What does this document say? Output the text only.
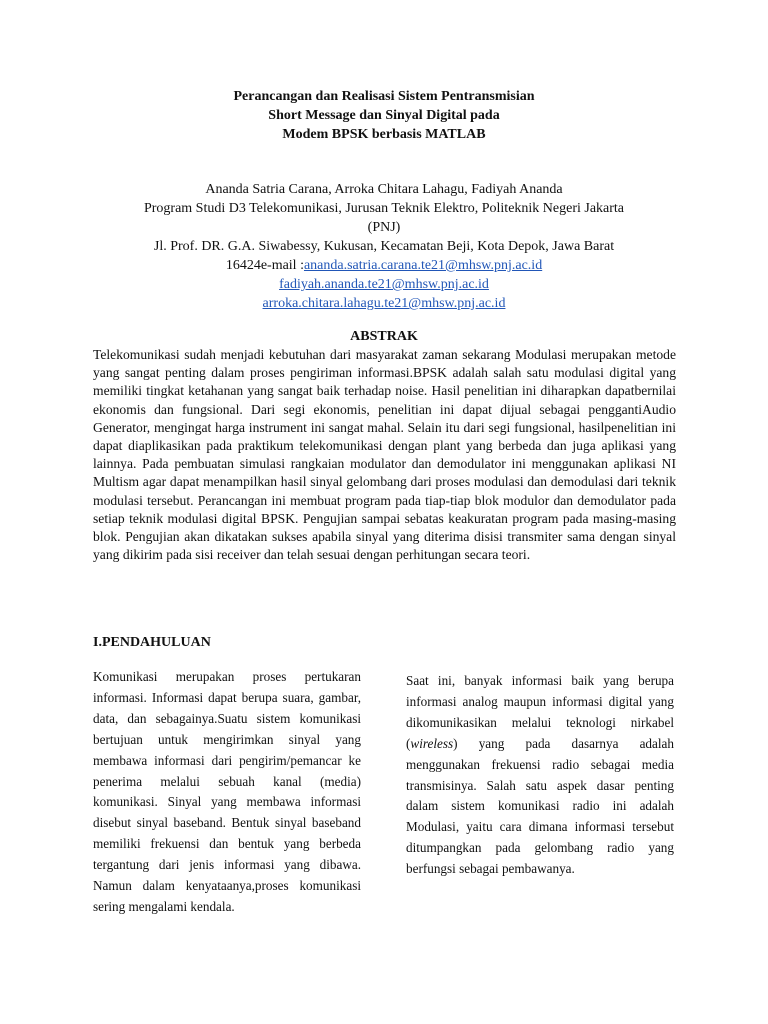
Perancangan dan Realisasi Sistem Pentransmisian
Short Message dan Sinyal Digital pada
Modem BPSK berbasis MATLAB
Ananda Satria Carana, Arroka Chitara Lahagu, Fadiyah Ananda
Program Studi D3 Telekomunikasi, Jurusan Teknik Elektro, Politeknik Negeri Jakarta
(PNJ)
Jl. Prof. DR. G.A. Siwabessy, Kukusan, Kecamatan Beji, Kota Depok, Jawa Barat
16424e-mail :ananda.satria.carana.te21@mhsw.pnj.ac.id
fadiyah.ananda.te21@mhsw.pnj.ac.id
arroka.chitara.lahagu.te21@mhsw.pnj.ac.id
ABSTRAK
Telekomunikasi sudah menjadi kebutuhan dari masyarakat zaman sekarang Modulasi merupakan metode yang sangat penting dalam proses pengiriman informasi.BPSK adalah salah satu modulasi digital yang memiliki tingkat ketahanan yang sangat baik terhadap noise. Hasil penelitian ini diharapkan dapatbernilai ekonomis dan fungsional. Dari segi ekonomis, penelitian ini dapat dijual sebagai penggantiAudio Generator, mengingat harga instrument ini sangat mahal. Selain itu dari segi fungsional, hasilpenelitian ini dapat diaplikasikan pada praktikum telekomunikasi dengan plant yang berbeda dan juga aplikasi yang lainnya. Pada pembuatan simulasi rangkaian modulator dan demodulator ini menggunakan aplikasi NI Multism agar dapat menampilkan hasil sinyal gelombang dari proses modulasi dan demodulasi dari teknik modulasi tersebut. Perancangan ini membuat program pada tiap-tiap blok modulor dan demodulator pada setiap teknik modulasi digital BPSK. Pengujian sampai sebatas keakuratan program pada masing-masing blok. Pengujian akan dikatakan sukses apabila sinyal yang diterima disisi transmiter sama dengan sinyal yang dikirim pada sisi receiver dan telah sesuai dengan perhitungan secara teori.
I.PENDAHULUAN
Komunikasi merupakan proses pertukaran informasi. Informasi dapat berupa suara, gambar, data, dan sebagainya.Suatu sistem komunikasi bertujuan untuk mengirimkan sinyal yang membawa informasi dari pengirim/pemancar ke penerima melalui sebuah kanal (media) komunikasi. Sinyal yang membawa informasi disebut sinyal baseband. Bentuk sinyal baseband memiliki frekuensi dan bentuk yang berbeda tergantung dari jenis informasi yang dibawa. Namun dalam kenyataanya,proses komunikasi sering mengalami kendala.
Saat ini, banyak informasi baik yang berupa informasi analog maupun informasi digital yang dikomunikasikan melalui teknologi nirkabel (wireless) yang pada dasarnya adalah menggunakan frekuensi radio sebagai media transmisinya. Salah satu aspek dasar penting dalam sistem komunikasi radio ini adalah Modulasi, yaitu cara dimana informasi tersebut ditumpangkan pada gelombang radio yang berfungsi sebagai pembawanya.
